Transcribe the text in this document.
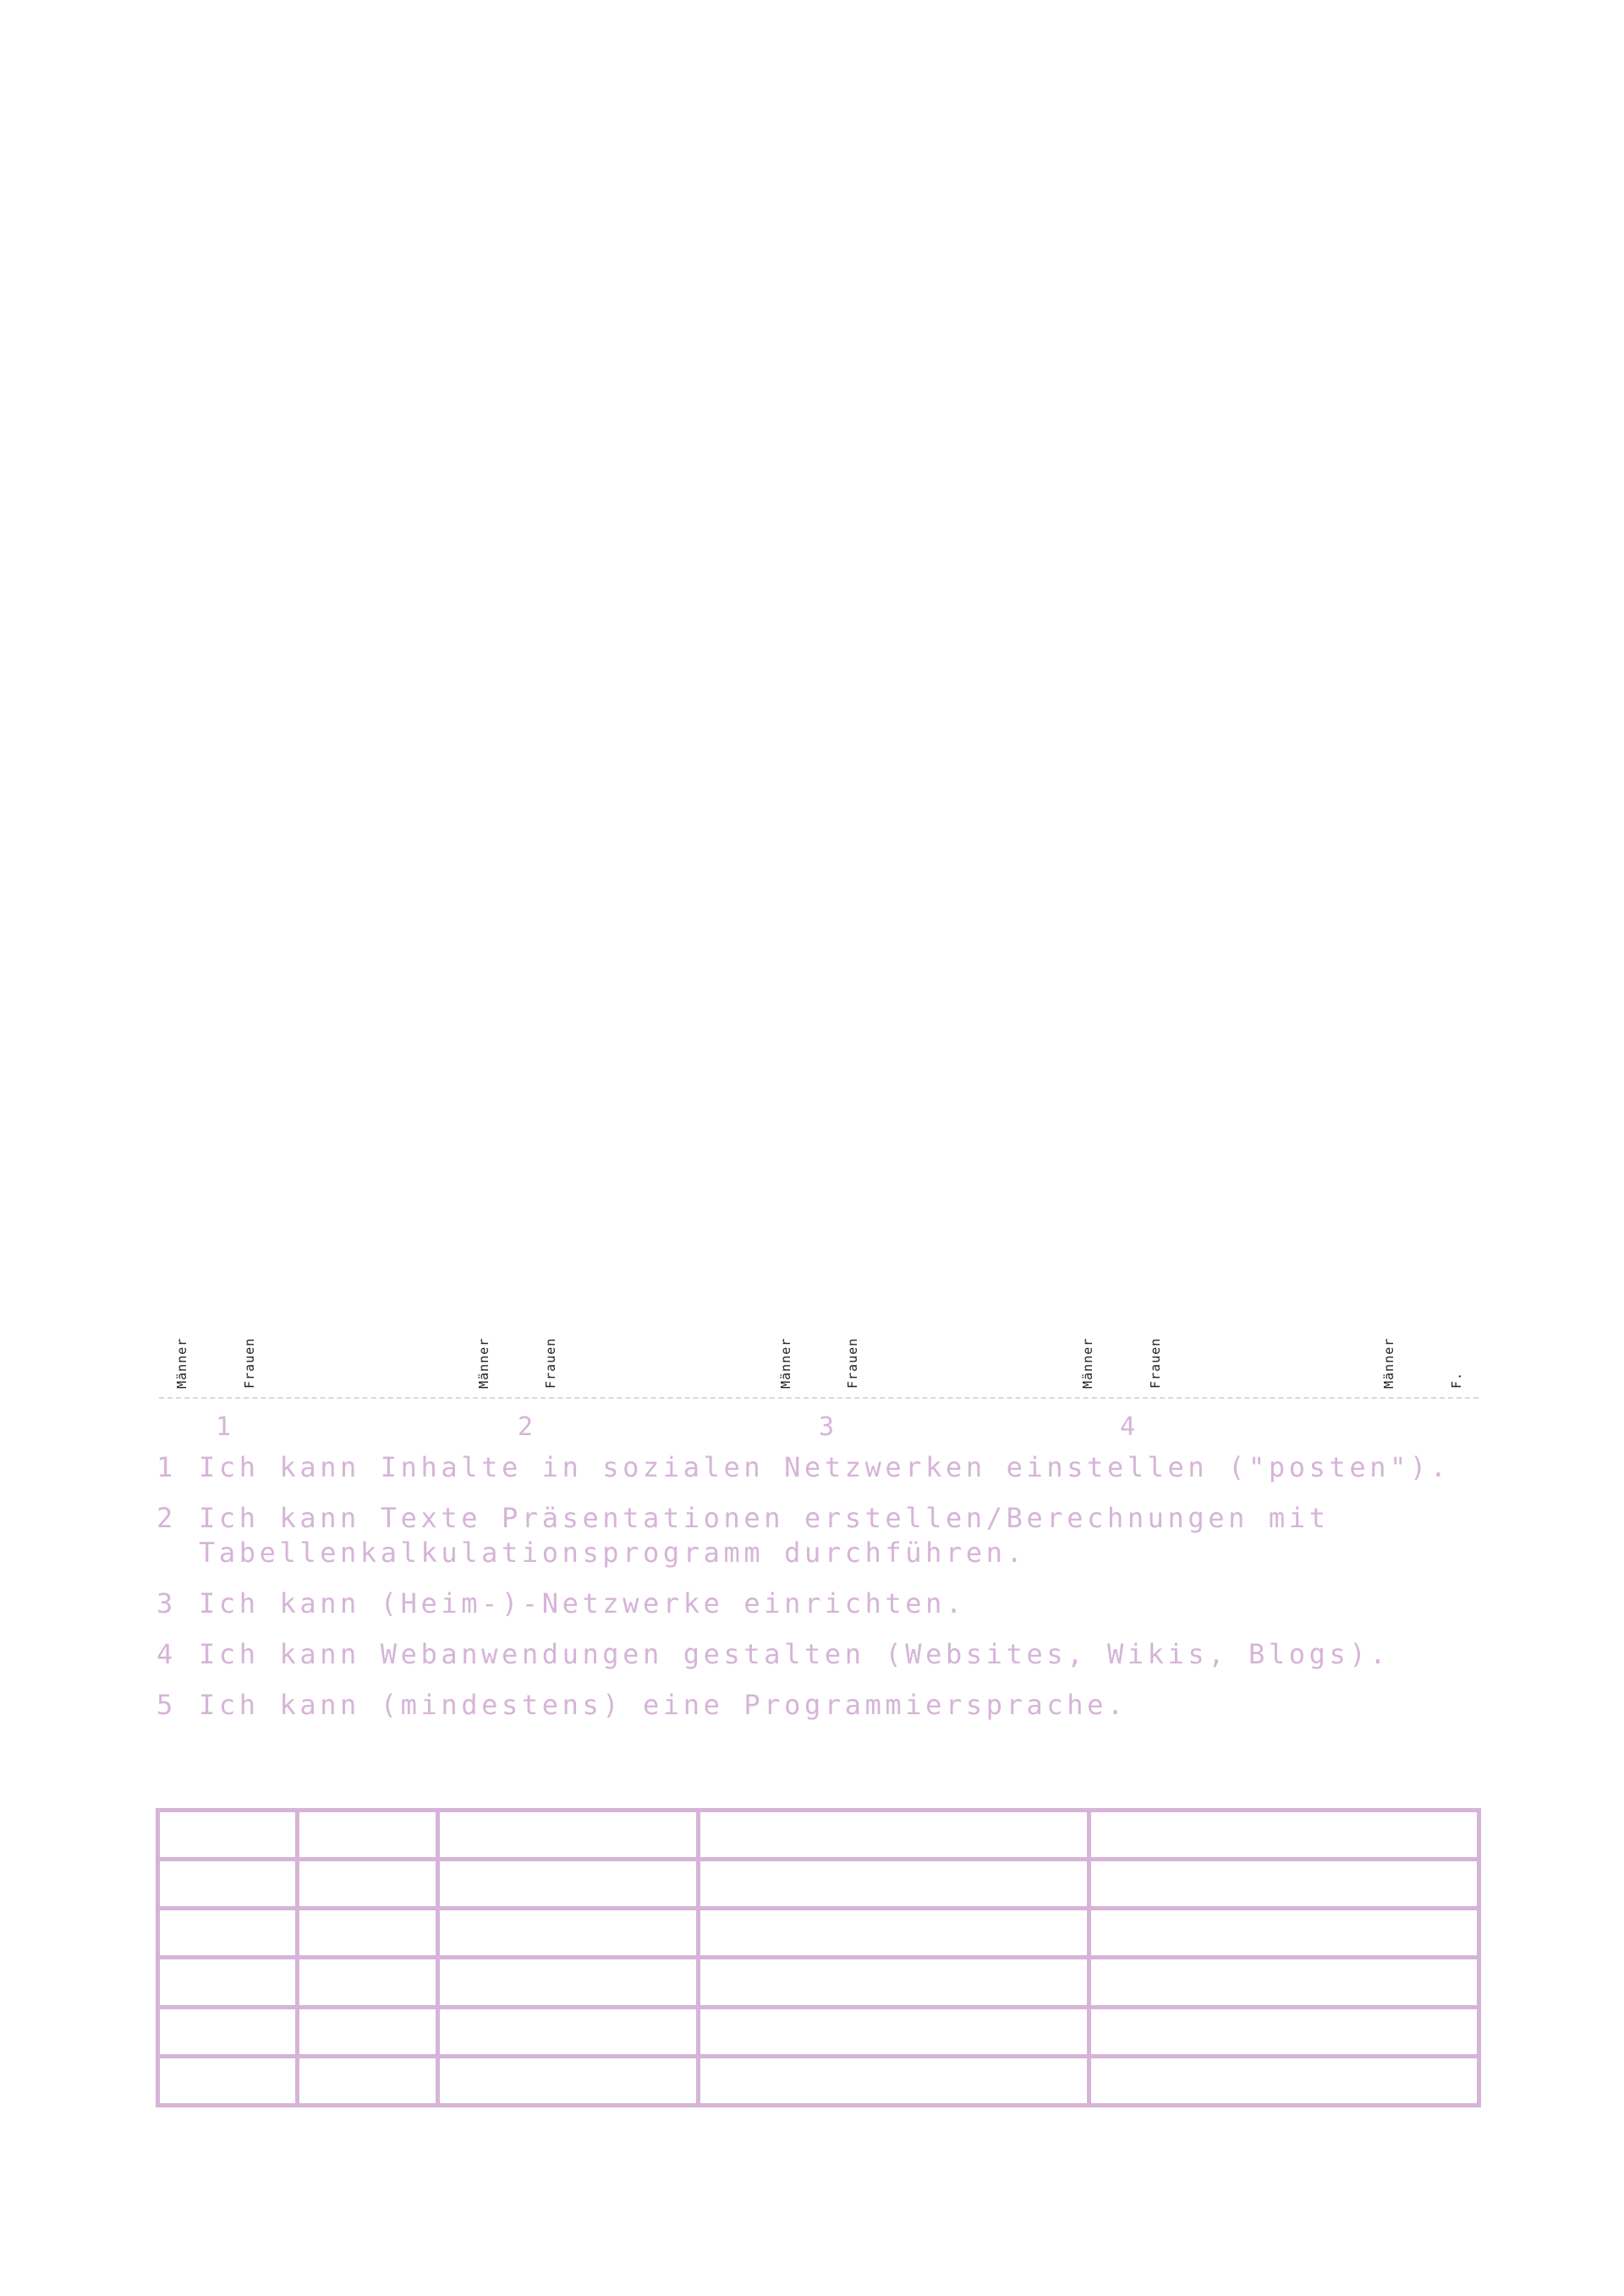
Männer	Frauen	Männer	Frauen	Männer	Frauen	Männer	Frauen	Männer	F.
1	2	3	4
1 Ich kann Inhalte in sozialen Netzwerken einstellen ("posten").
2 Ich kann Texte Präsentationen erstellen/Berechnungen mit
Tabellenkalkulationsprogramm durchführen.
3 Ich kann (Heim-)-Netzwerke einrichten.
4 Ich kann Webanwendungen gestalten (Websites, Wikis, Blogs).
5 Ich kann (mindestens) eine Programmiersprache.
